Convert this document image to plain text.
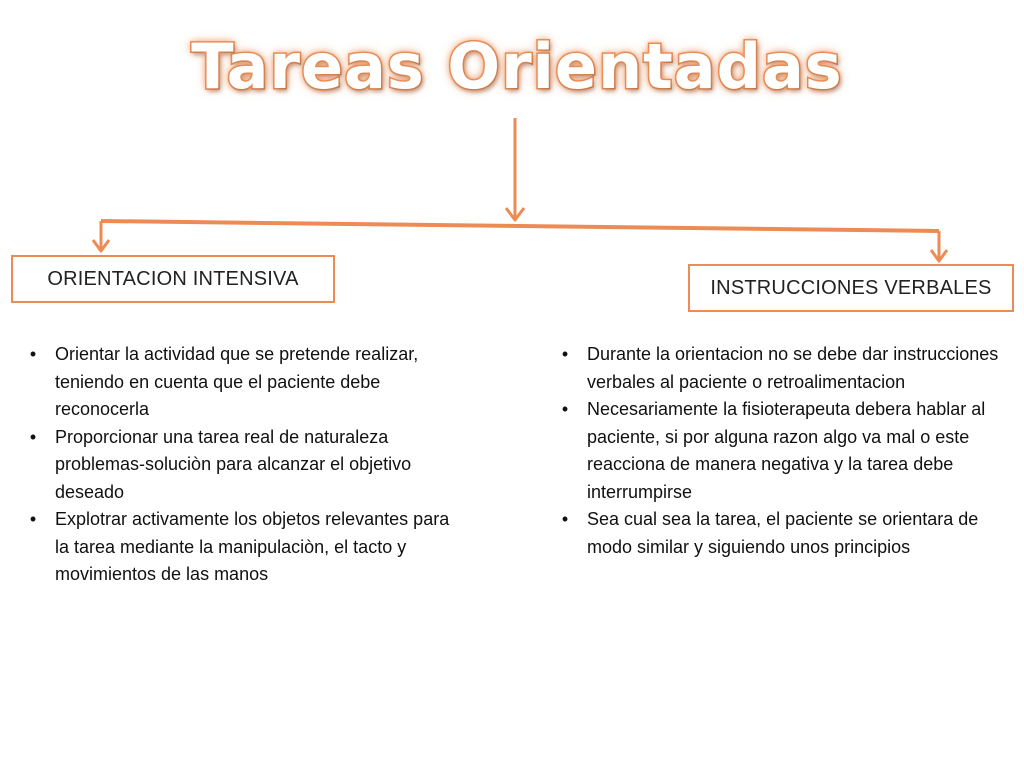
Tareas Orientadas
ORIENTACION INTENSIVA	INSTRUCCIONES VERBALES
•	Orientar la actividad que se pretende realizar, teniendo en cuenta que el paciente debe reconocerla
•	Proporcionar una tarea real de naturaleza problemas-soluciòn para alcanzar el objetivo deseado
•	Explotrar activamente los objetos relevantes para la tarea mediante la manipulaciòn, el tacto y movimientos de las manos
•	Durante la orientacion no se debe dar instrucciones verbales al paciente o retroalimentacion
•	Necesariamente la fisioterapeuta debera hablar al paciente, si por alguna razon algo va mal o este reacciona de manera negativa y la tarea debe interrumpirse
•	Sea cual sea la tarea, el paciente se orientara de modo similar y siguiendo unos principios
